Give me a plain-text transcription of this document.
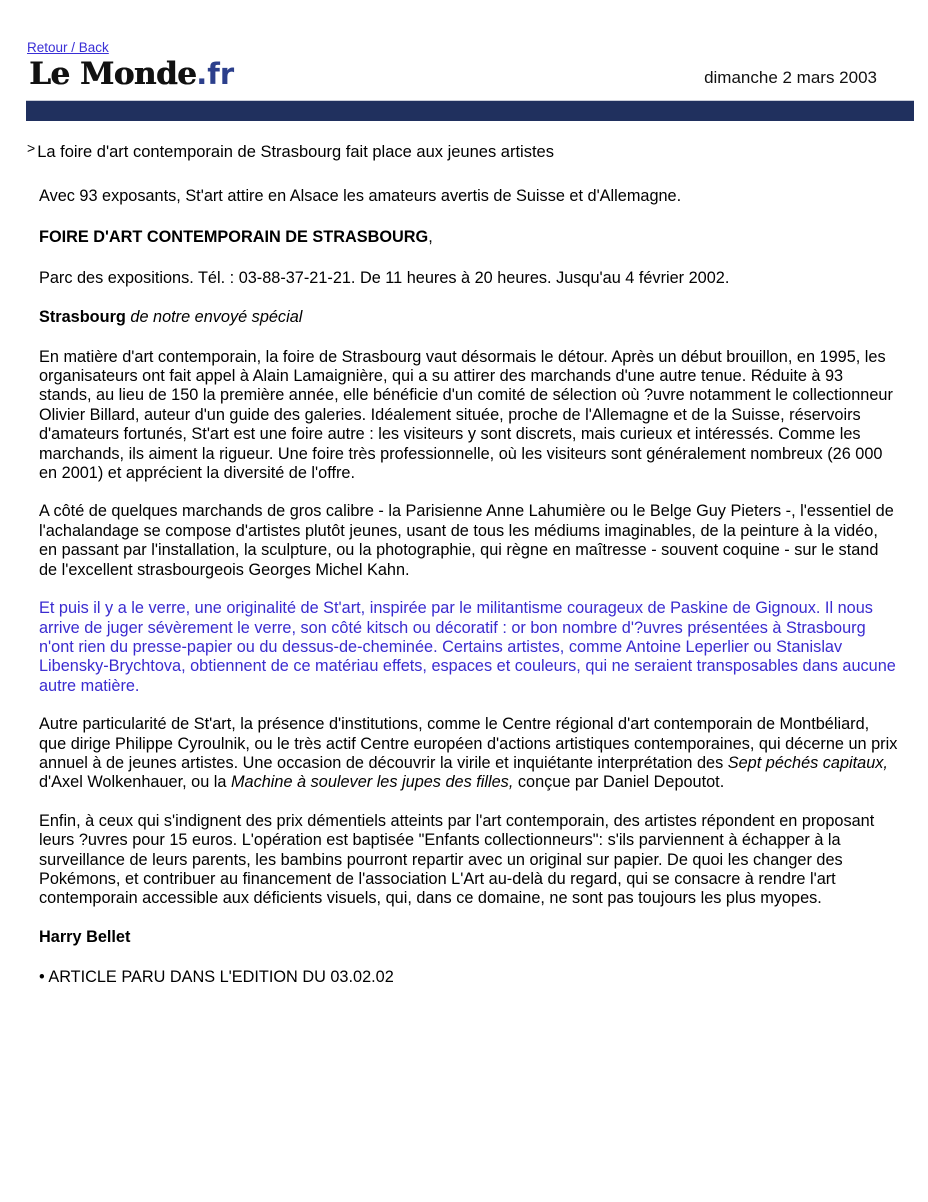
Retour / Back
Le Monde.fr	dimanche 2 mars 2003
> La foire d'art contemporain de Strasbourg fait place aux jeunes artistes

Avec 93 exposants, St'art attire en Alsace les amateurs avertis de Suisse et d'Allemagne.

FOIRE D'ART CONTEMPORAIN DE STRASBOURG,

Parc des expositions. Tél. : 03-88-37-21-21. De 11 heures à 20 heures. Jusqu'au 4 février 2002.

Strasbourg de notre envoyé spécial

En matière d'art contemporain, la foire de Strasbourg vaut désormais le détour. Après un début brouillon, en 1995, les organisateurs ont fait appel à Alain Lamaignière, qui a su attirer des marchands d'une autre tenue. Réduite à 93 stands, au lieu de 150 la première année, elle bénéficie d'un comité de sélection où ?uvre notamment le collectionneur Olivier Billard, auteur d'un guide des galeries. Idéalement située, proche de l'Allemagne et de la Suisse, réservoirs d'amateurs fortunés, St'art est une foire autre : les visiteurs y sont discrets, mais curieux et intéressés. Comme les marchands, ils aiment la rigueur. Une foire très professionnelle, où les visiteurs sont généralement nombreux (26 000 en 2001) et apprécient la diversité de l'offre.

A côté de quelques marchands de gros calibre - la Parisienne Anne Lahumière ou le Belge Guy Pieters -, l'essentiel de l'achalandage se compose d'artistes plutôt jeunes, usant de tous les médiums imaginables, de la peinture à la vidéo, en passant par l'installation, la sculpture, ou la photographie, qui règne en maîtresse - souvent coquine - sur le stand de l'excellent strasbourgeois Georges Michel Kahn.

Et puis il y a le verre, une originalité de St'art, inspirée par le militantisme courageux de Paskine de Gignoux. Il nous arrive de juger sévèrement le verre, son côté kitsch ou décoratif : or bon nombre d'?uvres présentées à Strasbourg n'ont rien du presse-papier ou du dessus-de-cheminée. Certains artistes, comme Antoine Leperlier ou Stanislav Libensky-Brychtova, obtiennent de ce matériau effets, espaces et couleurs, qui ne seraient transposables dans aucune autre matière.

Autre particularité de St'art, la présence d'institutions, comme le Centre régional d'art contemporain de Montbéliard, que dirige Philippe Cyroulnik, ou le très actif Centre européen d'actions artistiques contemporaines, qui décerne un prix annuel à de jeunes artistes. Une occasion de découvrir la virile et inquiétante interprétation des Sept péchés capitaux, d'Axel Wolkenhauer, ou la Machine à soulever les jupes des filles, conçue par Daniel Depoutot.

Enfin, à ceux qui s'indignent des prix démentiels atteints par l'art contemporain, des artistes répondent en proposant leurs ?uvres pour 15 euros. L'opération est baptisée "Enfants collectionneurs": s'ils parviennent à échapper à la surveillance de leurs parents, les bambins pourront repartir avec un original sur papier. De quoi les changer des Pokémons, et contribuer au financement de l'association L'Art au-delà du regard, qui se consacre à rendre l'art contemporain accessible aux déficients visuels, qui, dans ce domaine, ne sont pas toujours les plus myopes.

Harry Bellet

• ARTICLE PARU DANS L'EDITION DU 03.02.02
